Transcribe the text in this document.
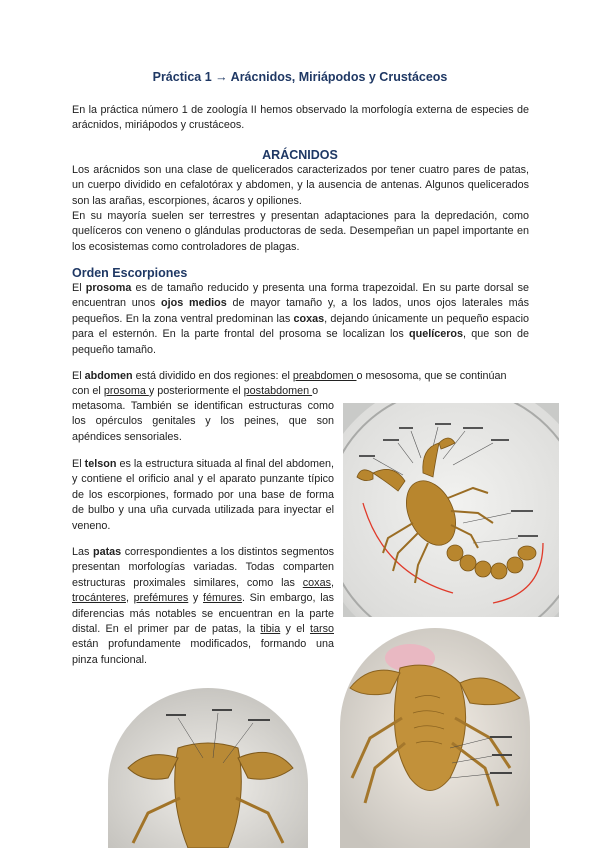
Práctica 1 → Arácnidos, Miriápodos y Crustáceos

En la práctica número 1 de zoología II hemos observado la morfología externa de especies de arácnidos, miriápodos y crustáceos.

ARÁCNIDOS

Los arácnidos son una clase de quelicerados caracterizados por tener cuatro pares de patas, un cuerpo dividido en cefalotórax y abdomen, y la ausencia de antenas. Algunos quelicerados son las arañas, escorpiones, ácaros y opiliones.

En su mayoría suelen ser terrestres y presentan adaptaciones para la depredación, como quelíceros con veneno o glándulas productoras de seda. Desempeñan un papel importante en los ecosistemas como controladores de plagas.

Orden Escorpiones

El prosoma es de tamaño reducido y presenta una forma trapezoidal. En su parte dorsal se encuentran unos ojos medios de mayor tamaño y, a los lados, unos ojos laterales más pequeños. En la zona ventral predominan las coxas, dejando únicamente un pequeño espacio para el esternón. En la parte frontal del prosoma se localizan los quelíceros, que son de pequeño tamaño.

El abdomen está dividido en dos regiones: el preabdomen o mesosoma, que se continúan

con el prosoma y posteriormente el postabdomen o

metasoma. También se identifican estructuras como los opérculos genitales y los peines, que son apéndices sensoriales.

El telson es la estructura situada al final del abdomen, y contiene el orificio anal y el aparato punzante típico de los escorpiones, formado por una base de forma de bulbo y una uña curvada utilizada para inyectar el veneno.

Las patas correspondientes a los distintos segmentos presentan morfologías variadas. Todas comparten estructuras proximales similares, como las coxas, trocánteres, prefémures y fémures. Sin embargo, las diferencias más notables se encuentran en la parte distal. En el primer par de patas, la tibia y el tarso están profundamente modificados, formando una pinza funcional.
